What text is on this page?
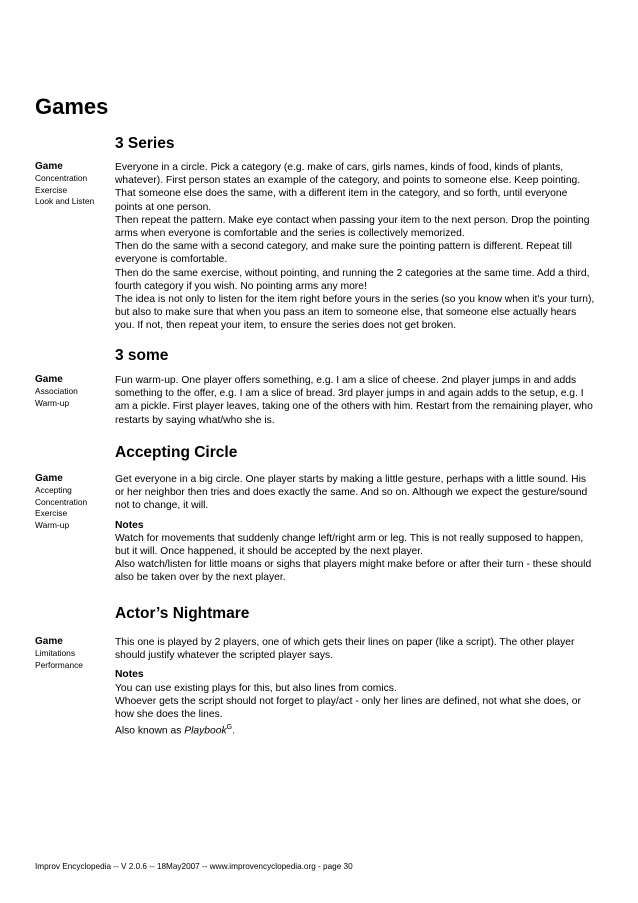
Games
3 Series
Game
Concentration
Exercise
Look and Listen

Everyone in a circle. Pick a category (e.g. make of cars, girls names, kinds of food, kinds of plants, whatever). First person states an example of the category, and points to someone else. Keep pointing. That someone else does the same, with a different item in the category, and so forth, until everyone points at one person.

Then repeat the pattern. Make eye contact when passing your item to the next person. Drop the pointing arms when everyone is comfortable and the series is collectively memorized.

Then do the same with a second category, and make sure the pointing pattern is different. Repeat till everyone is comfortable.

Then do the same exercise, without pointing, and running the 2 categories at the same time. Add a third, fourth category if you wish. No pointing arms any more!

The idea is not only to listen for the item right before yours in the series (so you know when it's your turn), but also to make sure that when you pass an item to someone else, that someone else actually hears you. If not, then repeat your item, to ensure the series does not get broken.

3 some
Game
Association
Warm-up

Fun warm-up. One player offers something, e.g. I am a slice of cheese. 2nd player jumps in and adds something to the offer, e.g. I am a slice of bread. 3rd player jumps in and again adds to the setup, e.g. I am a pickle. First player leaves, taking one of the others with him. Restart from the remaining player, who restarts by saying what/who she is.

Accepting Circle
Game
Accepting
Concentration
Exercise
Warm-up

Get everyone in a big circle. One player starts by making a little gesture, perhaps with a little sound. His or her neighbor then tries and does exactly the same. And so on. Although we expect the gesture/sound not to change, it will.

Notes

Watch for movements that suddenly change left/right arm or leg. This is not really supposed to happen, but it will. Once happened, it should be accepted by the next player.

Also watch/listen for little moans or sighs that players might make before or after their turn - these should also be taken over by the next player.

Actor’s Nightmare
Game
Limitations
Performance

This one is played by 2 players, one of which gets their lines on paper (like a script). The other player should justify whatever the scripted player says.

Notes

You can use existing plays for this, but also lines from comics.

Whoever gets the script should not forget to play/act - only her lines are defined, not what she does, or how she does the lines.

Also known as Playbook$^G$.

Improv Encyclopedia -- V 2.0.6 -- 18May2007 -- www.improvencyclopedia.org - page 30
